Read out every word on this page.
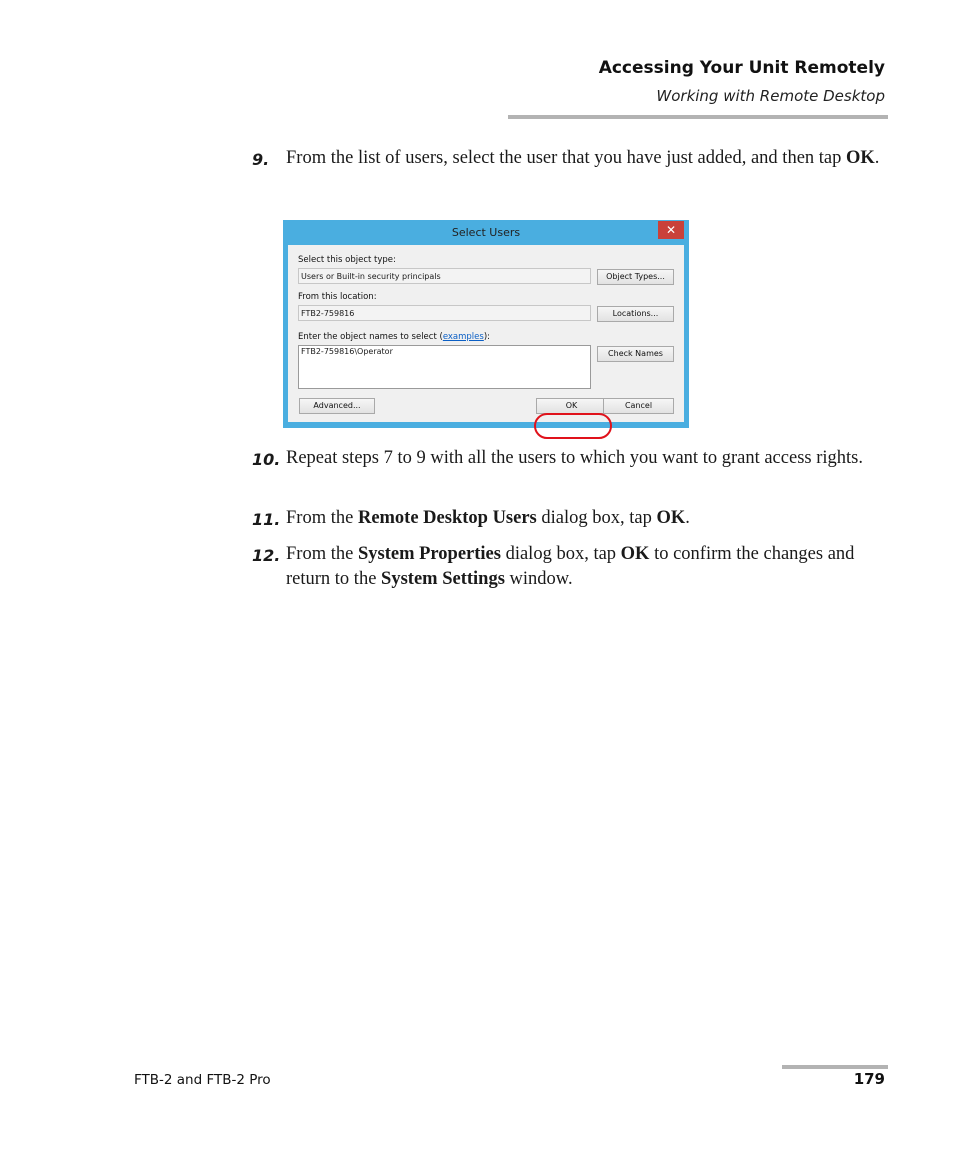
Accessing Your Unit Remotely
Working with Remote Desktop
9. From the list of users, select the user that you have just added, and then tap OK.
Select Users	✕
Select this object type:
Users or Built-in security principals	Object Types...
From this location:
FTB2-759816	Locations...
Enter the object names to select (examples):
FTB2-759816\Operator	Check Names
Advanced...	OK	Cancel
10. Repeat steps 7 to 9 with all the users to which you want to grant access rights.
11. From the Remote Desktop Users dialog box, tap OK.
12. From the System Properties dialog box, tap OK to confirm the changes and return to the System Settings window.
FTB-2 and FTB-2 Pro	179
